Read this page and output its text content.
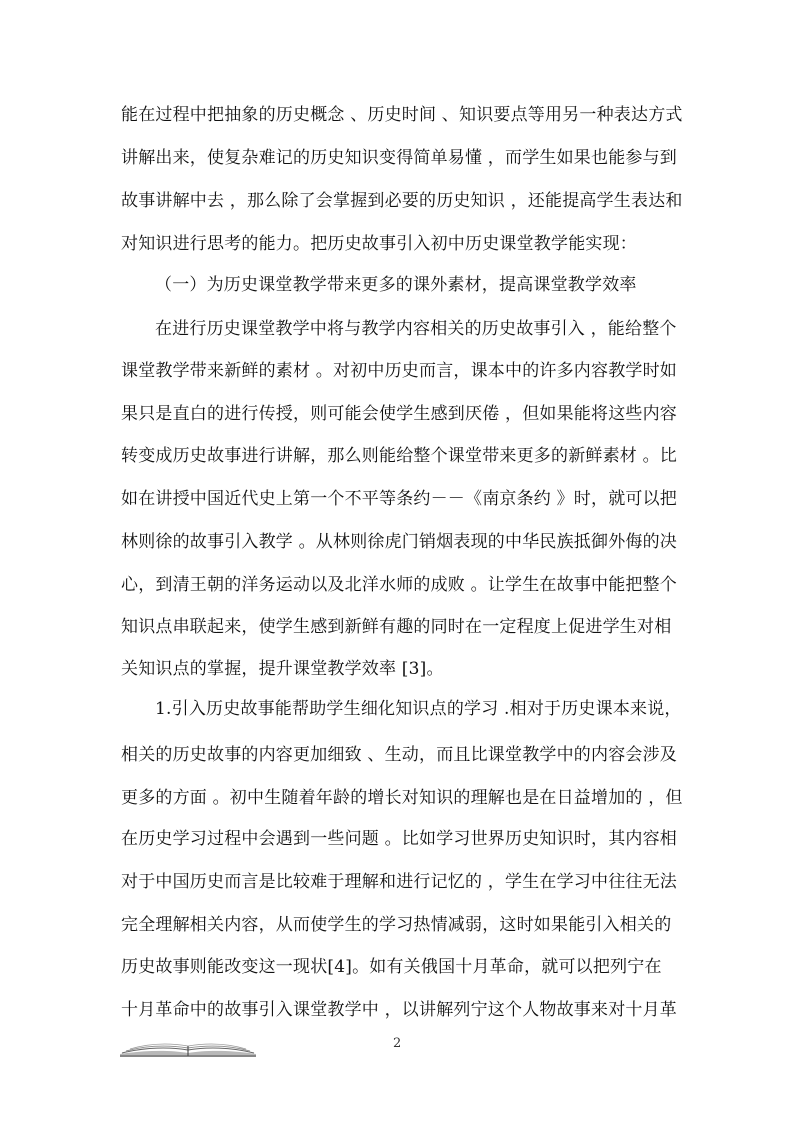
能在过程中把抽象的历史概念 、历史时间 、知识要点等用另一种表达方式
讲解出来，使复杂难记的历史知识变得简单易懂 ，而学生如果也能参与到
故事讲解中去 ，那么除了会掌握到必要的历史知识 ，还能提高学生表达和
对知识进行思考的能力。把历史故事引入初中历史课堂教学能实现：
（一）为历史课堂教学带来更多的课外素材，提高课堂教学效率
在进行历史课堂教学中将与教学内容相关的历史故事引入 ，能给整个
课堂教学带来新鲜的素材 。对初中历史而言，课本中的许多内容教学时如
果只是直白的进行传授，则可能会使学生感到厌倦 ，但如果能将这些内容
转变成历史故事进行讲解，那么则能给整个课堂带来更多的新鲜素材 。比
如在讲授中国近代史上第一个不平等条约－－《南京条约 》时，就可以把
林则徐的故事引入教学 。从林则徐虎门销烟表现的中华民族抵御外侮的决
心，到清王朝的洋务运动以及北洋水师的成败 。让学生在故事中能把整个
知识点串联起来，使学生感到新鲜有趣的同时在一定程度上促进学生对相
关知识点的掌握，提升课堂教学效率 [3]。
1.引入历史故事能帮助学生细化知识点的学习 .相对于历史课本来说，
相关的历史故事的内容更加细致 、生动，而且比课堂教学中的内容会涉及
更多的方面 。初中生随着年龄的增长对知识的理解也是在日益增加的 ，但
在历史学习过程中会遇到一些问题 。比如学习世界历史知识时，其内容相
对于中国历史而言是比较难于理解和进行记忆的 ，学生在学习中往往无法
完全理解相关内容，从而使学生的学习热情减弱，这时如果能引入相关的
历史故事则能改变这一现状[4]。如有关俄国十月革命，就可以把列宁在
十月革命中的故事引入课堂教学中 ，以讲解列宁这个人物故事来对十月革
2
